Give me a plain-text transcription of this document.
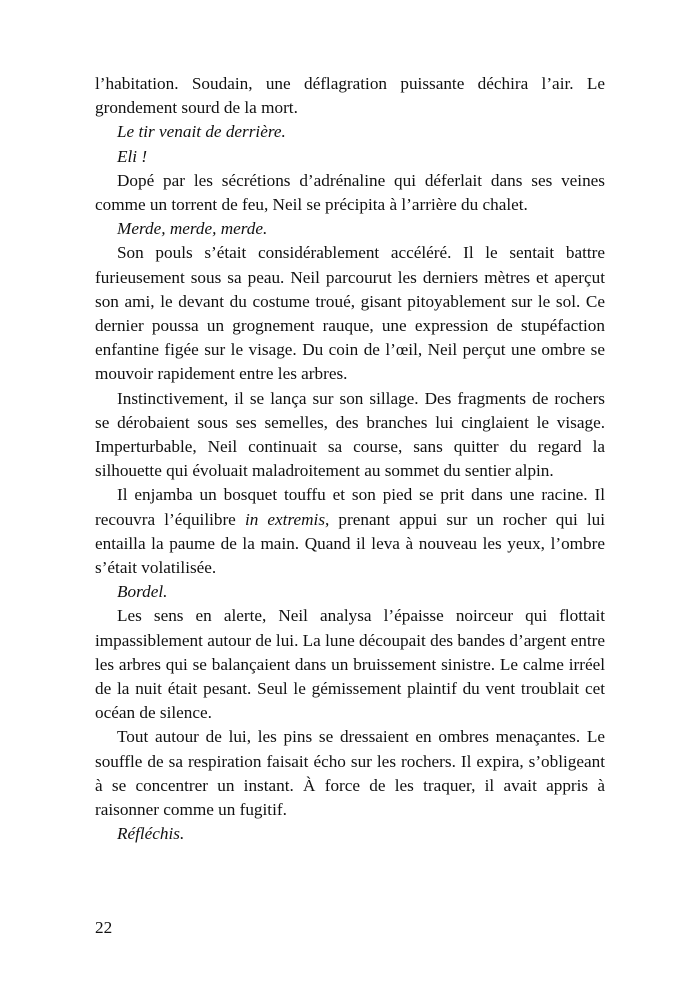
l’habitation. Soudain, une déflagration puissante déchira l’air. Le grondement sourd de la mort.

Le tir venait de derrière.

Eli !

Dopé par les sécrétions d’adrénaline qui déferlait dans ses veines comme un torrent de feu, Neil se précipita à l’arrière du chalet.

Merde, merde, merde.

Son pouls s’était considérablement accéléré. Il le sentait battre furieusement sous sa peau. Neil parcourut les derniers mètres et aperçut son ami, le devant du costume troué, gisant pitoyablement sur le sol. Ce dernier poussa un grognement rauque, une expression de stupéfaction enfantine figée sur le visage. Du coin de l’œil, Neil perçut une ombre se mouvoir rapidement entre les arbres.

Instinctivement, il se lança sur son sillage. Des fragments de rochers se dérobaient sous ses semelles, des branches lui cinglaient le visage. Imperturbable, Neil continuait sa course, sans quitter du regard la silhouette qui évoluait maladroitement au sommet du sentier alpin.

Il enjamba un bosquet touffu et son pied se prit dans une racine. Il recouvra l’équilibre in extremis, prenant appui sur un rocher qui lui entailla la paume de la main. Quand il leva à nouveau les yeux, l’ombre s’était volatilisée.

Bordel.

Les sens en alerte, Neil analysa l’épaisse noirceur qui flottait impassiblement autour de lui. La lune découpait des bandes d’argent entre les arbres qui se balançaient dans un bruissement sinistre. Le calme irréel de la nuit était pesant. Seul le gémissement plaintif du vent troublait cet océan de silence.

Tout autour de lui, les pins se dressaient en ombres menaçantes. Le souffle de sa respiration faisait écho sur les rochers. Il expira, s’obligeant à se concentrer un instant. À force de les traquer, il avait appris à raisonner comme un fugitif.

Réfléchis.

22
